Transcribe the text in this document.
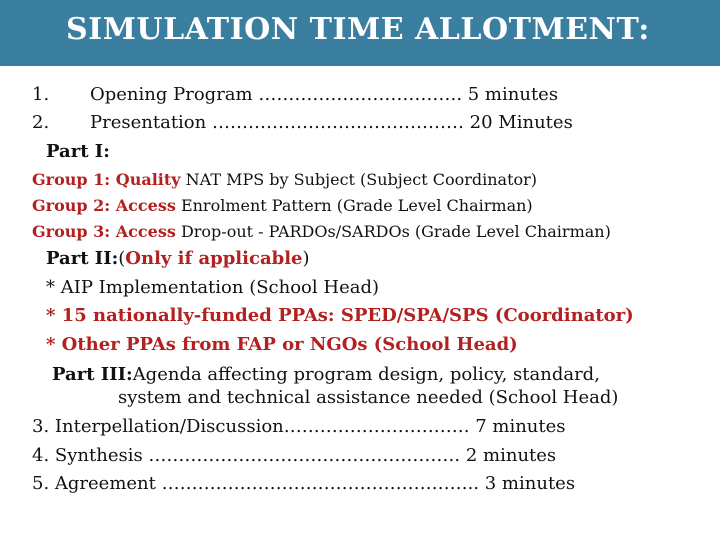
SIMULATION TIME ALLOTMENT:
1. Opening Program ……………………………. 5 minutes
2. Presentation …………………………………… 20 Minutes
Part I:
Group 1: Quality NAT MPS by Subject (Subject Coordinator)
Group 2: Access Enrolment Pattern (Grade Level Chairman)
Group 3: Access Drop-out - PARDOs/SARDOs (Grade Level Chairman)
Part II:(Only if applicable)
* AIP Implementation (School Head)
* 15 nationally-funded PPAs: SPED/SPA/SPS (Coordinator)
* Other PPAs from FAP or NGOs (School Head)
Part III:Agenda affecting program design, policy, standard,
system and technical assistance needed (School Head)
3. Interpellation/Discussion…………………………. 7 minutes
4. Synthesis ……………………………………………. 2 minutes
5. Agreement …………………………………………….. 3 minutes
